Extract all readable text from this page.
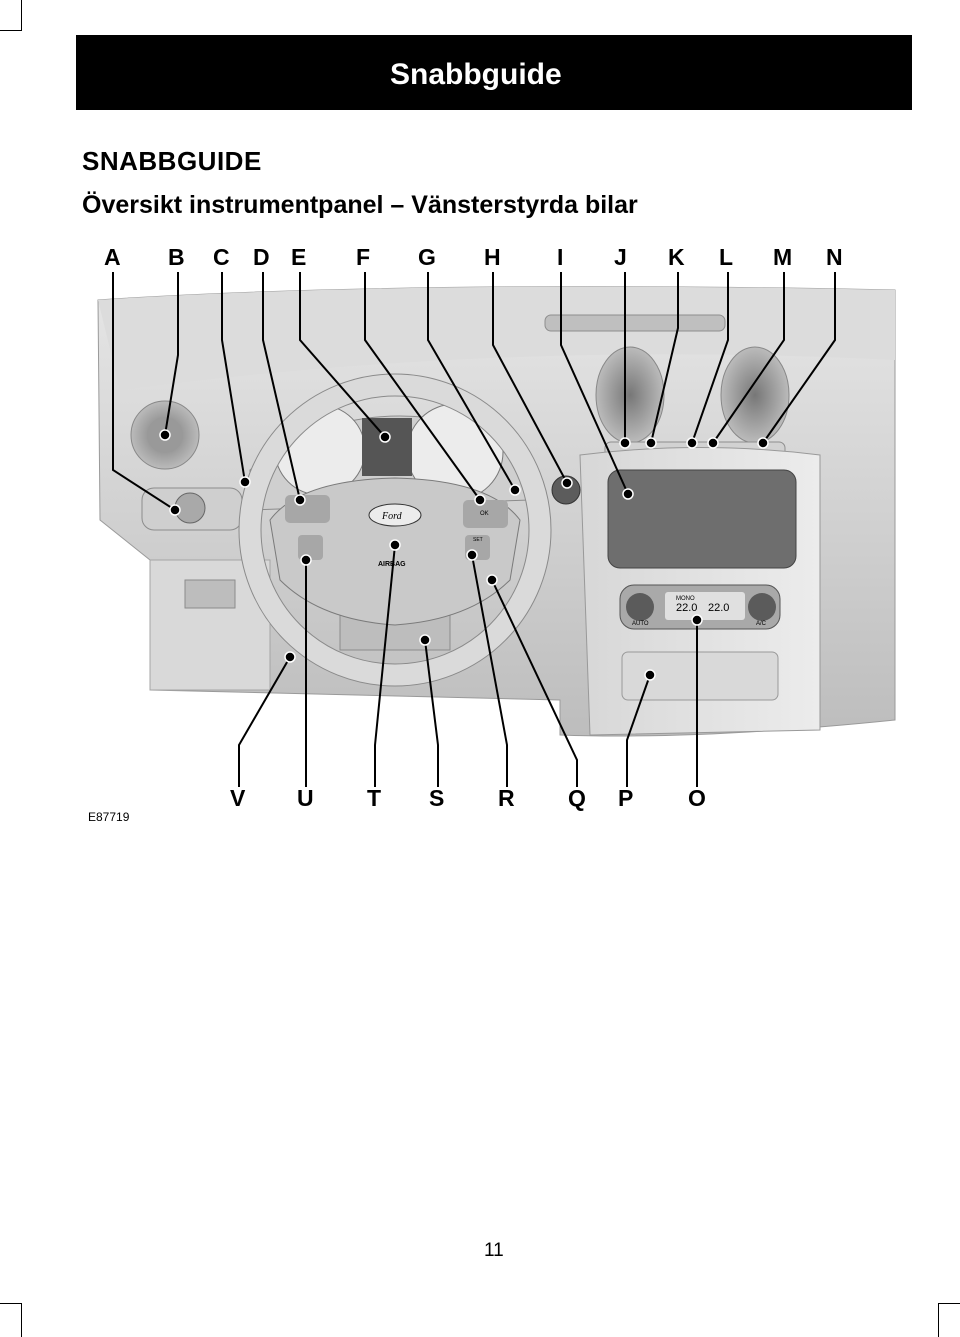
Snabbguide
SNABBGUIDE
Översikt instrumentpanel – Vänsterstyrda bilar
22.0 22.0
MONO
AUTO	A/C
Ford
AIRBAG
OK
SET
A B C D E F G H I J K L M N
V U T S R Q P O
E87719
11
